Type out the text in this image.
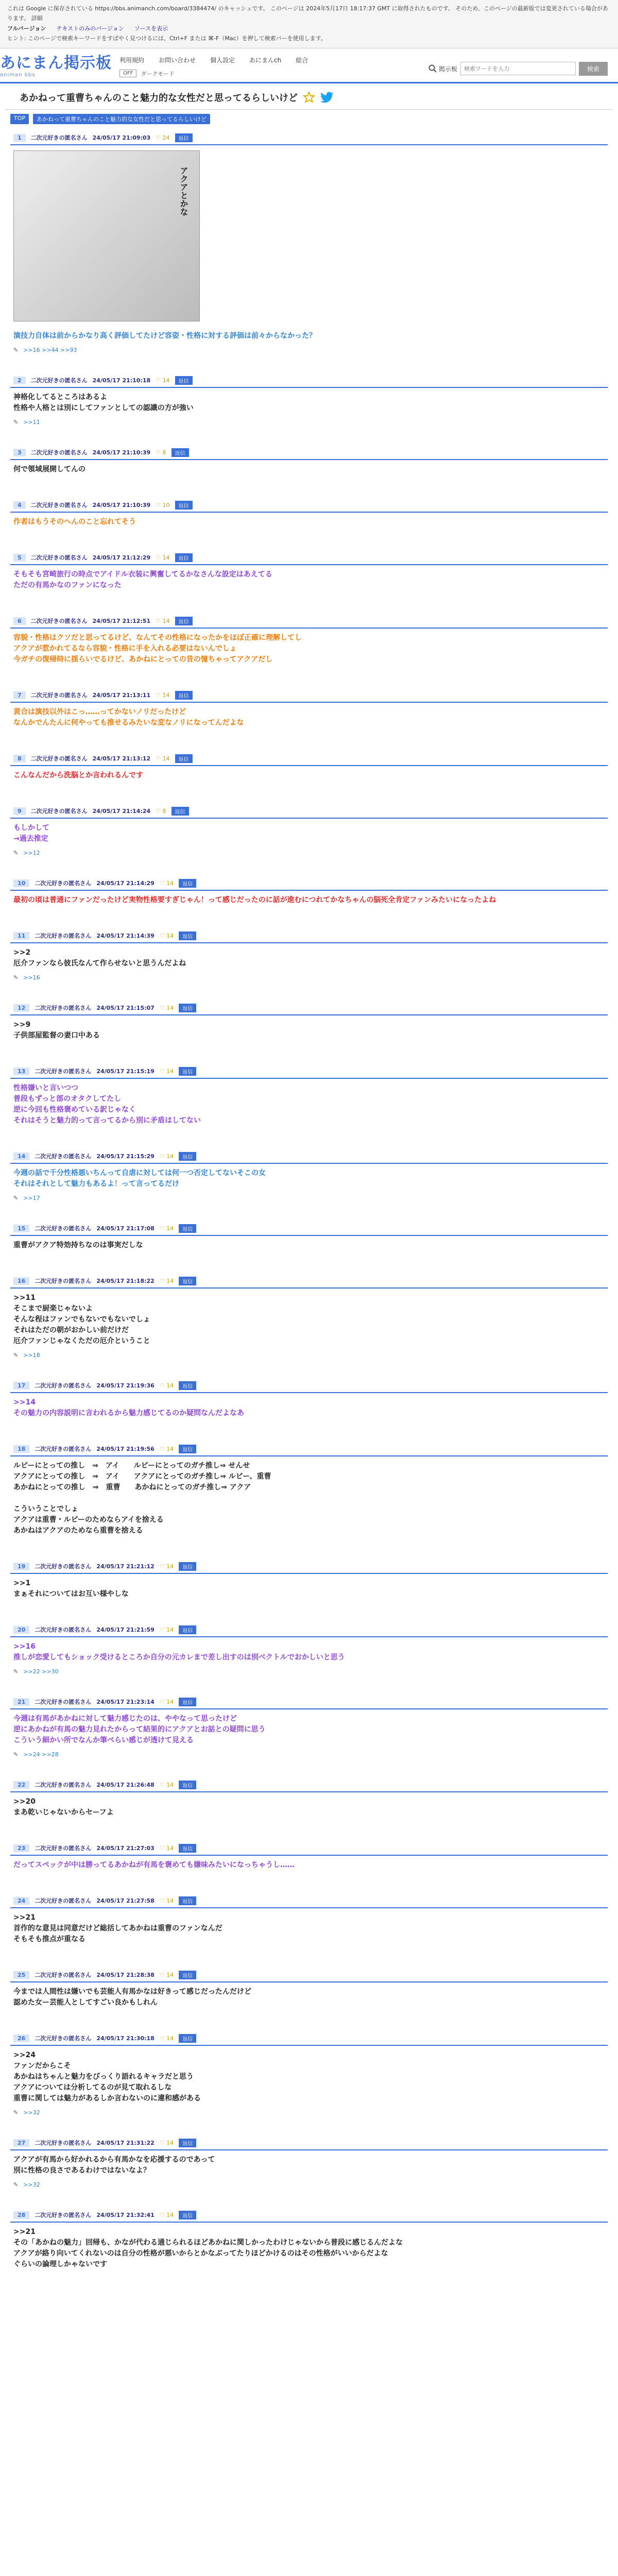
これは Google に保存されている https://bbs.animanch.com/board/3384474/ のキャッシュです。 このページは 2024年5月17日 18:17:37 GMT に取得されたものです。 そのため、このページの最新版では変更されている場合があります。 詳細
フルバージョン テキストのみのバージョン ソースを表示
ヒント: このページで検索キーワードをすばやく見つけるには、Ctrl+F または ⌘-F（Mac）を押して検索バーを使用します。
あにまん掲示板
animan bbs
利用規約 お問い合わせ 個人設定 あにまんch 総合
OFF	ダークモード
掲示板
検索ワードを入力	検索
あかねって重曹ちゃんのこと魅力的な女性だと思ってるらしいけど
TOP	あかねって重曹ちゃんのこと魅力的な女性だと思ってるらしいけど
1	二次元好きの匿名さん 24/05/17 21:09:03 ♡ 24	返信
アクアとかな
演技力自体は前からかなり高く評価してたけど容姿・性格に対する評価は前々からなかった？
✎ >>16 >>44 >>93
2	二次元好きの匿名さん 24/05/17 21:10:18 ♡ 14	返信
神格化してるところはあるよ
性格や人格とは別にしてファンとしての認識の方が強い
✎ >>11
3	二次元好きの匿名さん 24/05/17 21:10:39 ♡ 8	返信
何で領域展開してんの
4	二次元好きの匿名さん 24/05/17 21:10:39 ♡ 10	返信
作者はもうそのへんのこと忘れてそう
5	二次元好きの匿名さん 24/05/17 21:12:29 ♡ 14	返信
そもそも宮崎旅行の時点でアイドル衣装に興奮してるかなさんな設定はあえてる
ただの有馬かなのファンになった
6	二次元好きの匿名さん 24/05/17 21:12:51 ♡ 14	返信
容貌・性格はクソだと思ってるけど、なんてその性格になったかをほぼ正確に理解してし
アクアが惹かれてるなら容貌・性格に手を入れる必要はないんでしょ
今ガチの復帰時に揺らいでるけど、あかねにとっての昔の憧ちゃってアクアだし
7	二次元好きの匿名さん 24/05/17 21:13:11 ♡ 14	返信
黄合は演技以外はこっ……ってかないノリだったけど
なんかでんたんに何やっても推せるみたいな変なノリになってんだよな
8	二次元好きの匿名さん 24/05/17 21:13:12 ♡ 14	返信
こんなんだから洗脳とか言われるんです
9	二次元好きの匿名さん 24/05/17 21:14:24 ♡ 8	返信
もしかして
→過去推定
✎ >>12
10	二次元好きの匿名さん 24/05/17 21:14:29 ♡ 14	返信
最初の頃は普通にファンだったけど実物性格要すぎじゃん！って感じだったのに話が進むにつれてかなちゃんの脳死全肯定ファンみたいになったよね
11	二次元好きの匿名さん 24/05/17 21:14:39 ♡ 14	返信
>>2
厄介ファンなら彼氏なんて作らせないと思うんだよね
✎ >>16
12	二次元好きの匿名さん 24/05/17 21:15:07 ♡ 14	返信
>>9
子供部屋監督の妻口中ある
13	二次元好きの匿名さん 24/05/17 21:15:19 ♡ 14	返信
性格嫌いと言いつつ
普段もずっと部のオタクしてたし
逆に今回も性格褒めている訳じゃなく
それはそうと魅力的って言ってるから別に矛盾はしてない
14	二次元好きの匿名さん 24/05/17 21:15:29 ♡ 14	返信
今週の話で千分性格悪いちんって自虐に対しては何一つ否定してないそこの女
それはそれとして魅力もあるよ！って言ってるだけ
✎ >>17
15	二次元好きの匿名さん 24/05/17 21:17:08 ♡ 14	返信
重曹がアクア特効持ちなのは事実だしな
16	二次元好きの匿名さん 24/05/17 21:18:22 ♡ 14	返信
>>11
そこまで厨楽じゃないよ
そんな程はファンでもないでもないでしょ
それはただの朝がおかしい前だけだ
厄介ファンじゃなくただの厄介ということ
✎ >>18
17	二次元好きの匿名さん 24/05/17 21:19:36 ♡ 14	返信
>>14
その魅力の内容説明に言われるから魅力感じてるのか疑問なんだよなあ
18	二次元好きの匿名さん 24/05/17 21:19:56 ♡ 14	返信
ルビーにとっての推し　⇒　アイ　　ルビーにとってのガチ推し⇒ せんせ
アクアにとっての推し　⇒　アイ　　アクアにとってのガチ推し⇒ ルビー、重曹
あかねにとっての推し　⇒　重曹　　あかねにとってのガチ推し⇒ アクア

こういうことでしょ
アクアは重曹・ルビーのためならアイを捨える
あかねはアクアのためなら重曹を捨える
19	二次元好きの匿名さん 24/05/17 21:21:12 ♡ 14	返信
>>1
まぁそれについてはお互い様やしな
20	二次元好きの匿名さん 24/05/17 21:21:59 ♡ 14	返信
>>16
推しが恋愛してもショック受けるところか自分の元カレまで差し出すのは別ベクトルでおかしいと思う
✎ >>22 >>30
21	二次元好きの匿名さん 24/05/17 21:23:14 ♡ 14	返信
今週は有馬があかねに対して魅力感じたのは、ややなって思ったけど
逆にあかねが有馬の魅力見れたからって結果的にアクアとお話との疑問に思う
こういう細かい所でなんか筆ぺらい感じが透けて見える
✎ >>24 >>28
22	二次元好きの匿名さん 24/05/17 21:26:48 ♡ 14	返信
>>20
まあ乾いじゃないからセーフよ
23	二次元好きの匿名さん 24/05/17 21:27:03 ♡ 14	返信
だってスペックが中は勝ってるあかねが有馬を褒めても嫌味みたいになっちゃうし……
24	二次元好きの匿名さん 24/05/17 21:27:58 ♡ 14	返信
>>21
首作的な意見は同意だけど総括してあかねは重曹のファンなんだ
そもそも推点が重なる
25	二次元好きの匿名さん 24/05/17 21:28:38 ♡ 14	返信
今までは人間性は嫌いでも芸能人有馬かなは好きって感じだったんだけど
認めた女ー芸能人としてすごい良かもしれん
26	二次元好きの匿名さん 24/05/17 21:30:18 ♡ 14	返信
>>24
ファンだからこそ
あかねはちゃんと魅力をびっくり語れるキャラだと思う
アクアについては分析してるのが見て取れるしな
重曹に関しては魅力があるしか言わないのに違和感がある
✎ >>32
27	二次元好きの匿名さん 24/05/17 21:31:22 ♡ 14	返信
アクアが有馬から好かれるから有馬かなを応援するのであって
別に性格の良さであるわけではないなよ？
✎ >>32
28	二次元好きの匿名さん 24/05/17 21:32:41 ♡ 14	返信
>>21
その「あかねの魅力」回帰も、かなが代わる通じられるほどあかねに関しかったわけじゃないから普段に感じるんだよな
アクアが絡り向いてくれないのは自分の性格が悪いからとかなぶってたりほどかけるのはその性格がいいからだよな
ぐらいの論理しかゃないです
